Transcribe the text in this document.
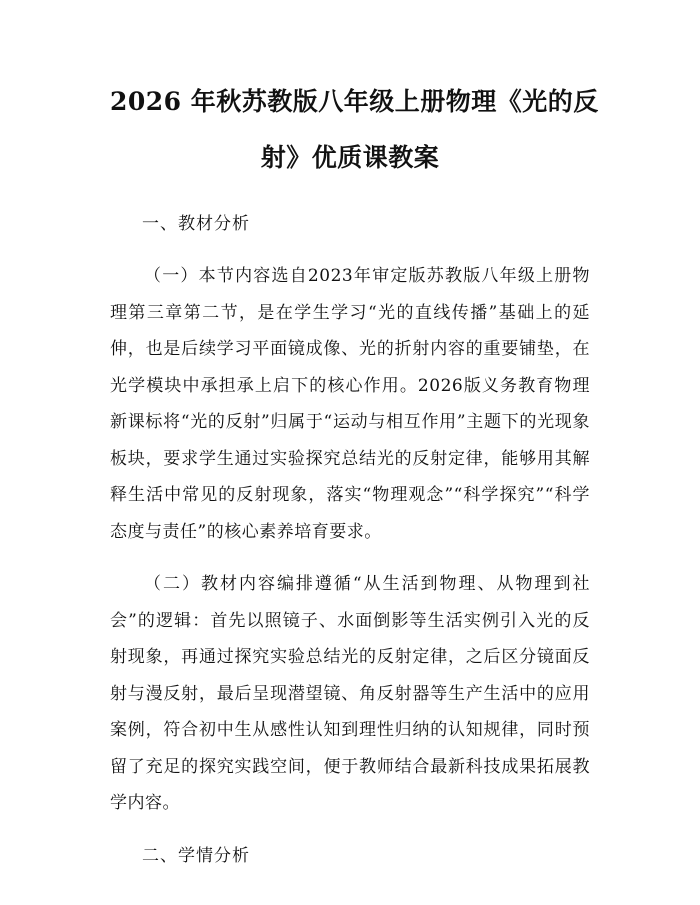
2026 年秋苏教版八年级上册物理《光的反
射》优质课教案

一、教材分析

（一）本节内容选自2023年审定版苏教版八年级上册物理第三章第二节，是在学生学习“光的直线传播”基础上的延伸，也是后续学习平面镜成像、光的折射内容的重要铺垫，在光学模块中承担承上启下的核心作用。2026版义务教育物理新课标将“光的反射”归属于“运动与相互作用”主题下的光现象板块，要求学生通过实验探究总结光的反射定律，能够用其解释生活中常见的反射现象，落实“物理观念”“科学探究”“科学态度与责任”的核心素养培育要求。

（二）教材内容编排遵循“从生活到物理、从物理到社会”的逻辑：首先以照镜子、水面倒影等生活实例引入光的反射现象，再通过探究实验总结光的反射定律，之后区分镜面反射与漫反射，最后呈现潜望镜、角反射器等生产生活中的应用案例，符合初中生从感性认知到理性归纳的认知规律，同时预留了充足的探究实践空间，便于教师结合最新科技成果拓展教学内容。

二、学情分析
